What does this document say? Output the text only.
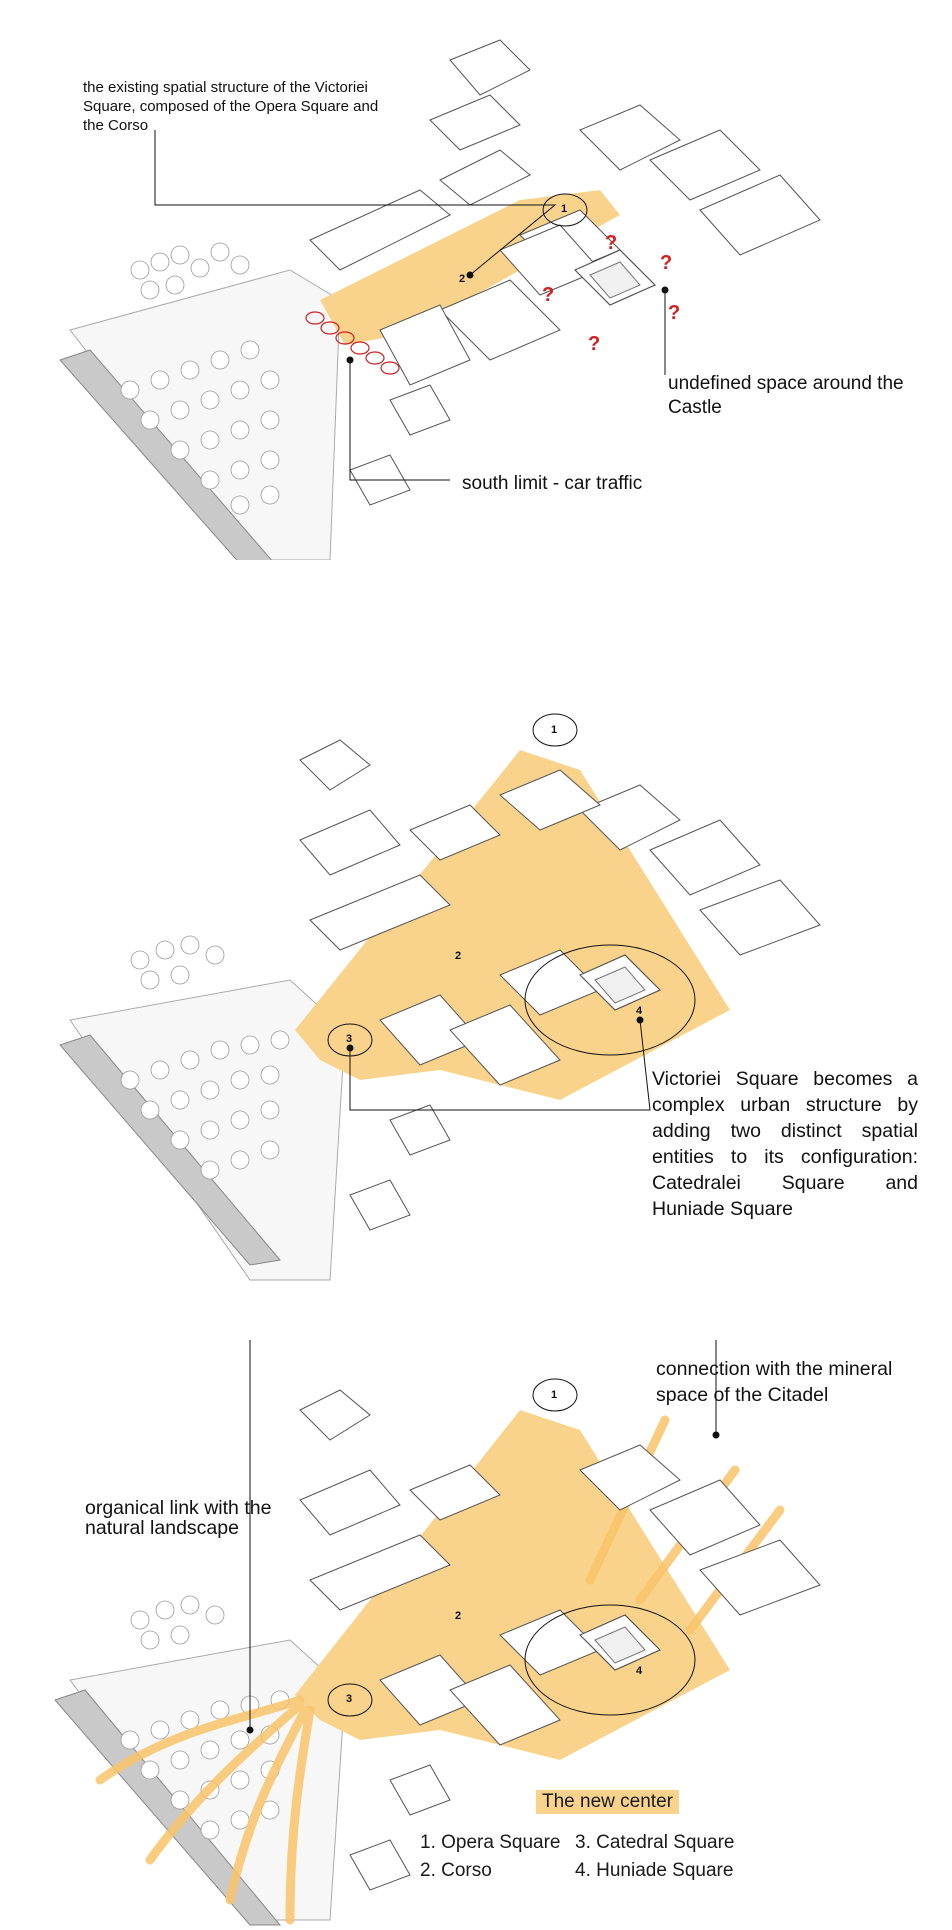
the existing spatial structure of the Victoriei Square, composed of the Opera Square and the Corso
undefined space around the Castle
south limit - car traffic
1
2
?
?
?
?
?
1
2
3
4
Victoriei Square becomes a complex urban structure by adding two distinct spatial entities to its configuration: Catedralei Square and Huniade Square
1
2
3
4
connection with the mineral space of the Citadel
organical link with the natural landscape
The new center
1. Opera Square 3. Catedral Square
2. Corso	4. Huniade Square
